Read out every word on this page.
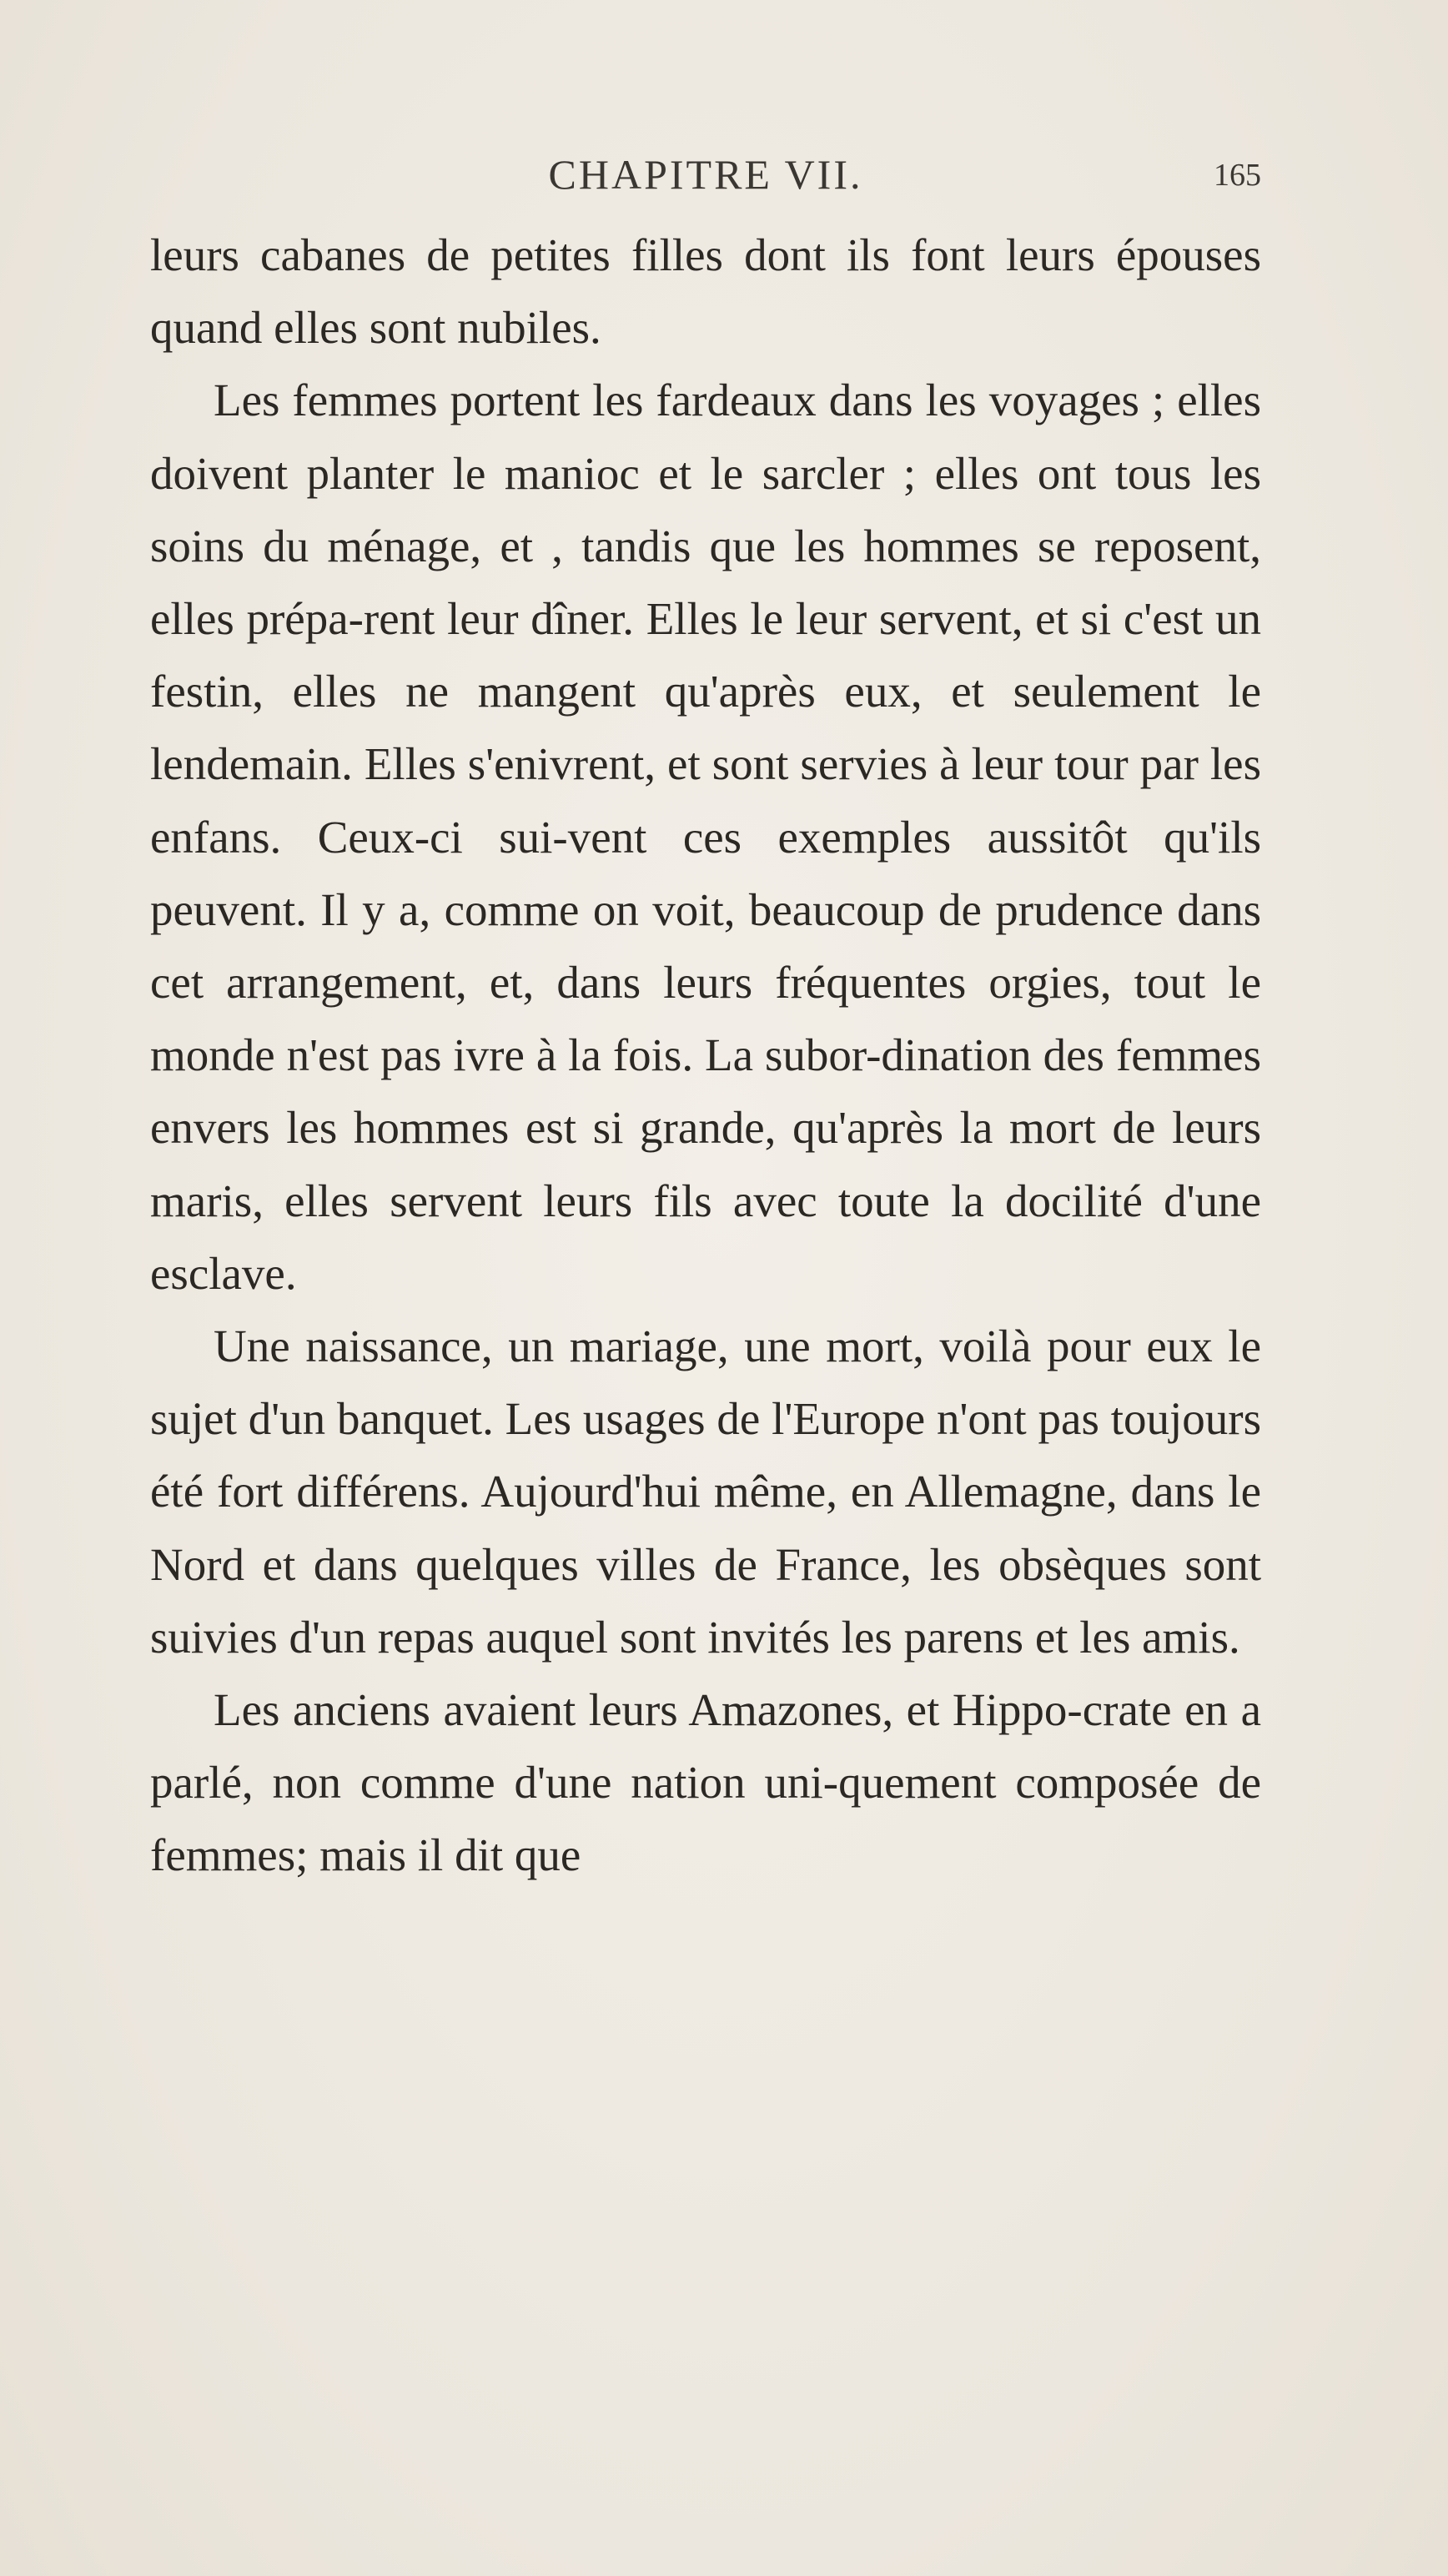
CHAPITRE VII.	165

leurs cabanes de petites filles dont ils font leurs épouses quand elles sont nubiles.

Les femmes portent les fardeaux dans les voyages ; elles doivent planter le manioc et le sarcler ; elles ont tous les soins du ménage, et , tandis que les hommes se reposent, elles prépa-rent leur dîner. Elles le leur servent, et si c'est un festin, elles ne mangent qu'après eux, et seulement le lendemain. Elles s'enivrent, et sont servies à leur tour par les enfans. Ceux-ci sui-vent ces exemples aussitôt qu'ils peuvent. Il y a, comme on voit, beaucoup de prudence dans cet arrangement, et, dans leurs fréquentes orgies, tout le monde n'est pas ivre à la fois. La subor-dination des femmes envers les hommes est si grande, qu'après la mort de leurs maris, elles servent leurs fils avec toute la docilité d'une esclave.

Une naissance, un mariage, une mort, voilà pour eux le sujet d'un banquet. Les usages de l'Europe n'ont pas toujours été fort différens. Aujourd'hui même, en Allemagne, dans le Nord et dans quelques villes de France, les obsèques sont suivies d'un repas auquel sont invités les parens et les amis.

Les anciens avaient leurs Amazones, et Hippo-crate en a parlé, non comme d'une nation uni-quement composée de femmes; mais il dit que
